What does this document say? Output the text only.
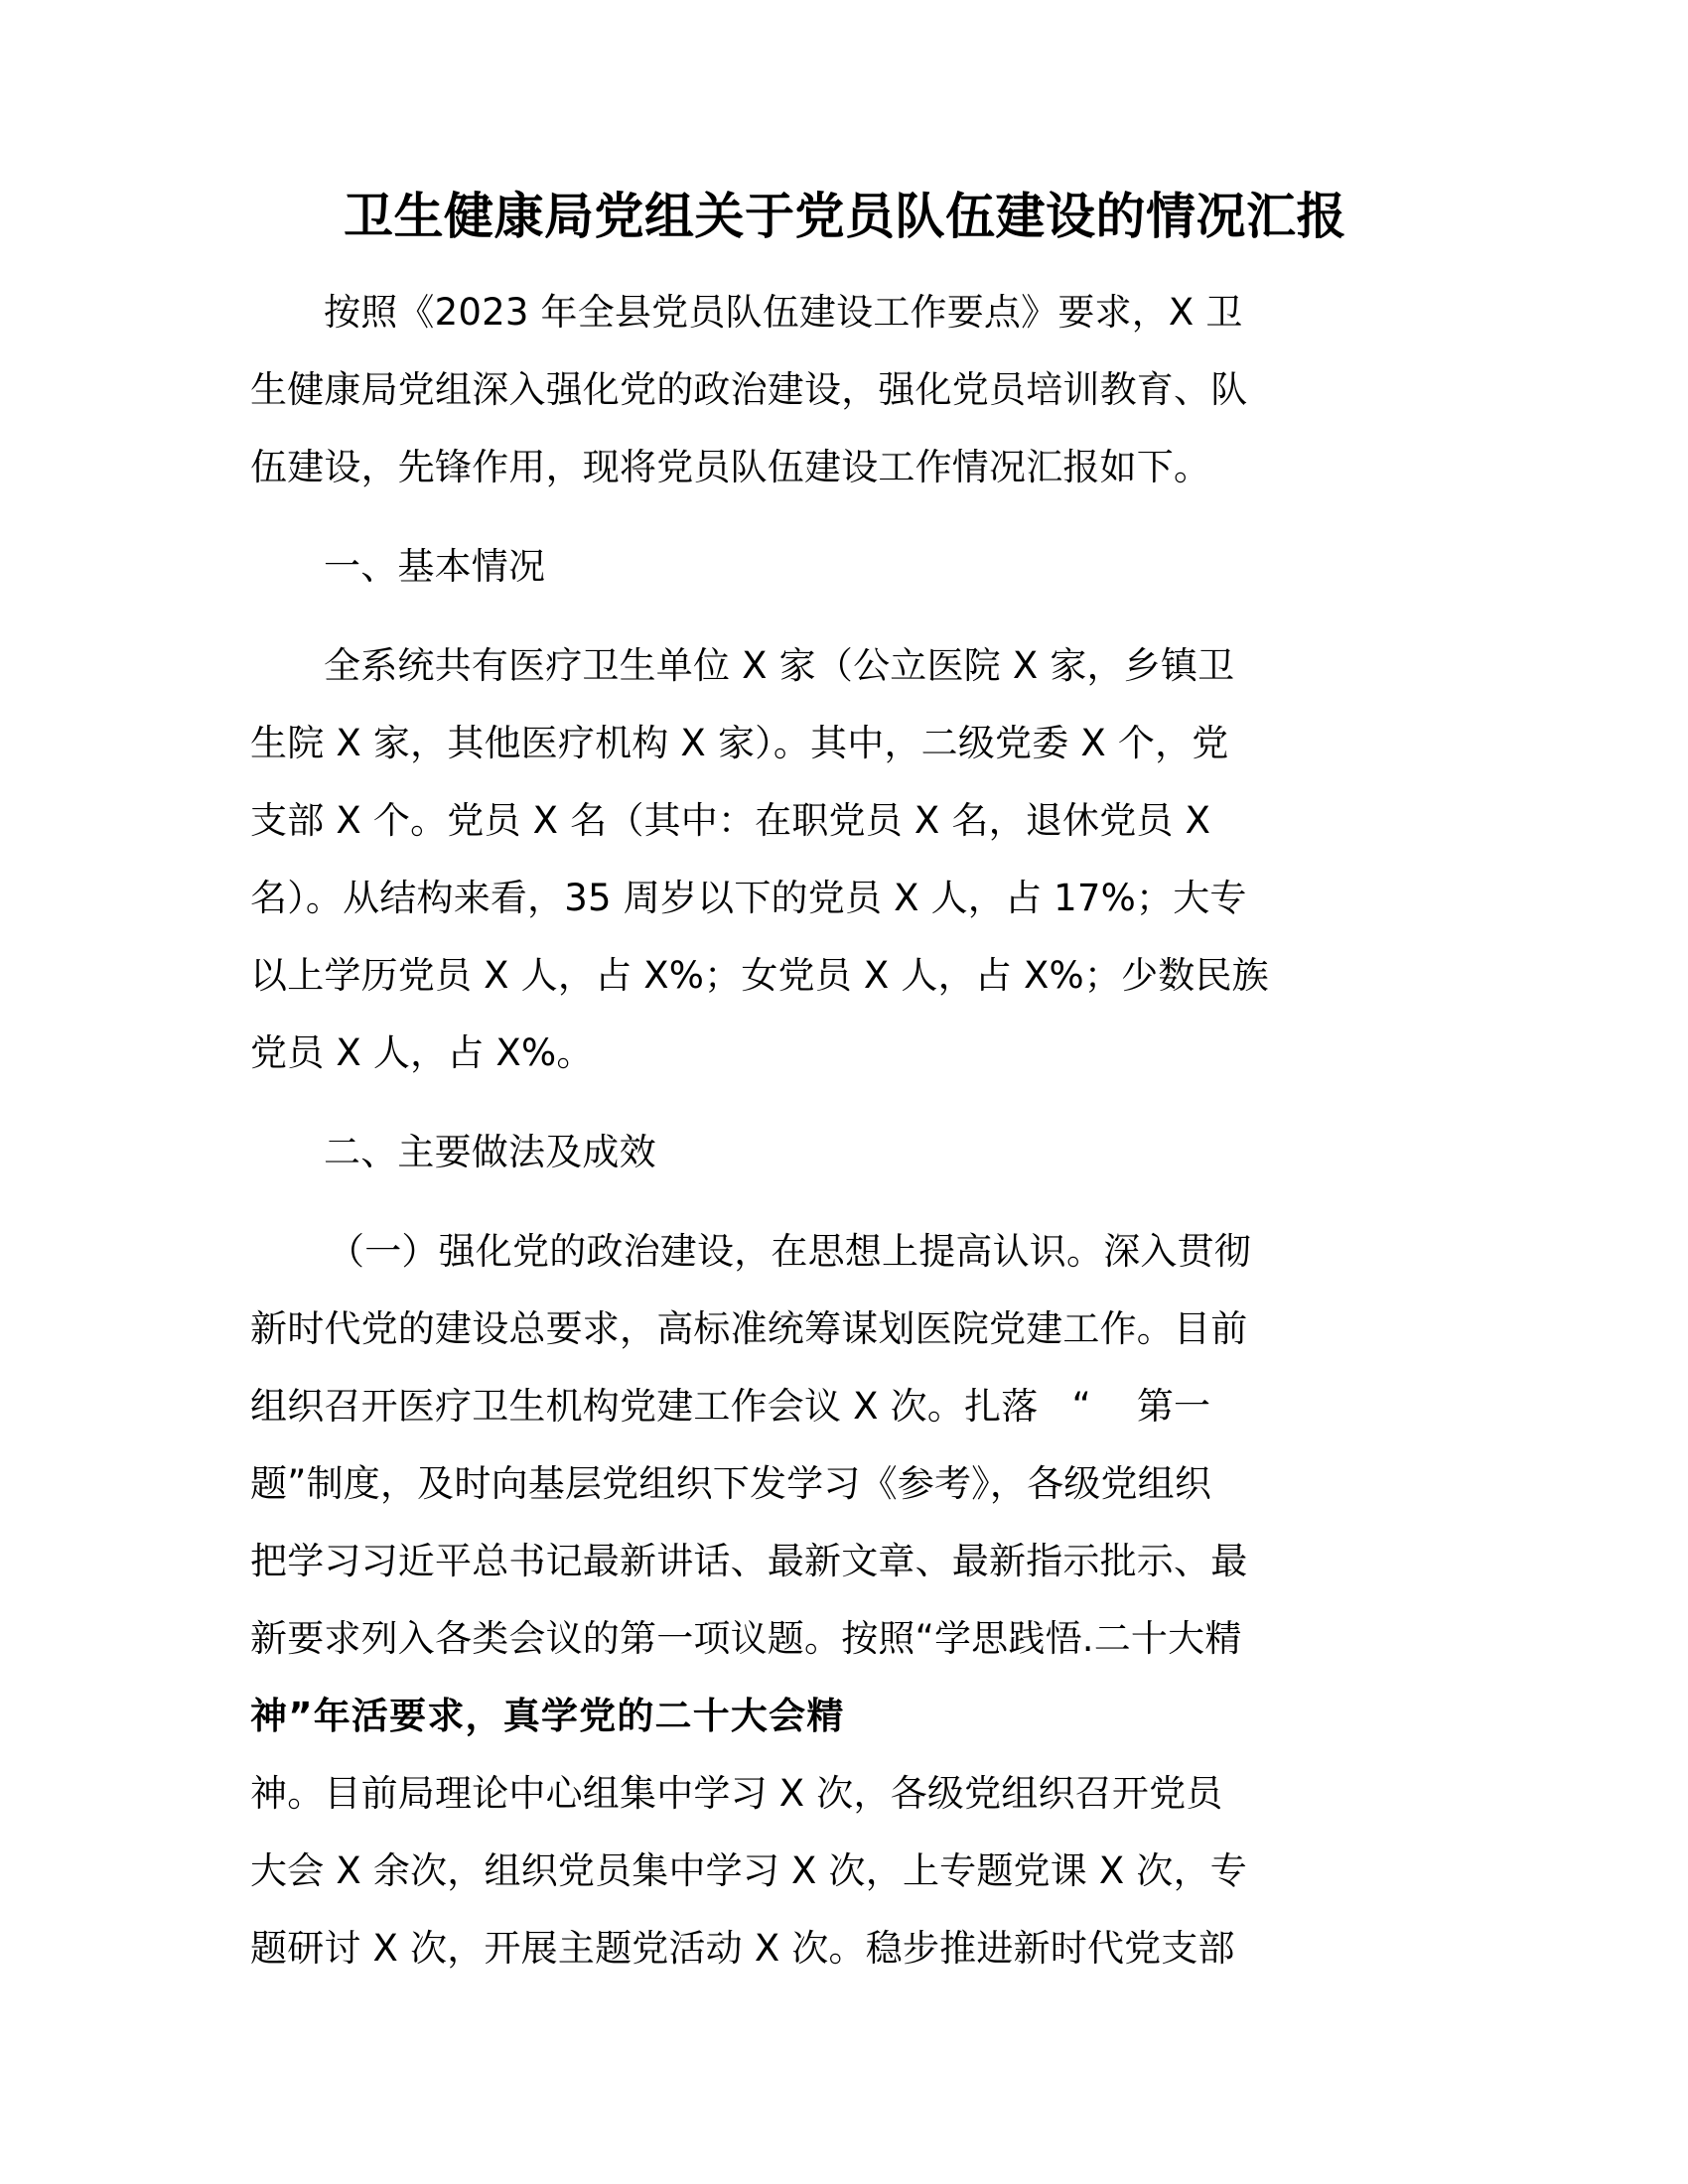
卫生健康局党组关于党员队伍建设的情况汇报

按照《2023 年全县党员队伍建设工作要点》要求，X 卫

生健康局党组深入强化党的政治建设，强化党员培训教育、队

伍建设，先锋作用，现将党员队伍建设工作情况汇报如下。

一、基本情况

全系统共有医疗卫生单位 X 家（公立医院 X 家，乡镇卫

生院 X 家，其他医疗机构 X 家）。其中，二级党委 X 个，党

支部 X 个。党员 X 名（其中：在职党员 X 名，退休党员 X

名）。从结构来看，35 周岁以下的党员 X 人，占 17%；大专

以上学历党员 X 人，占 X%；女党员 X 人，占 X%；少数民族

党员 X 人，占 X%。

二、主要做法及成效

（一）强化党的政治建设，在思想上提高认识。深入贯彻

新时代党的建设总要求，高标准统筹谋划医院党建工作。目前

组织召开医疗卫生机构党建工作会议 X 次。扎落 “ 第一

题”制度，及时向基层党组织下发学习《参考》，各级党组织

把学习习近平总书记最新讲话、最新文章、最新指示批示、最

新要求列入各类会议的第一项议题。按照“学思践悟.二十大精

神”年活要求，真学党的二十大会精

神。目前局理论中心组集中学习 X 次，各级党组织召开党员

大会 X 余次，组织党员集中学习 X 次，上专题党课 X 次，专

题研讨 X 次，开展主题党活动 X 次。稳步推进新时代党支部
